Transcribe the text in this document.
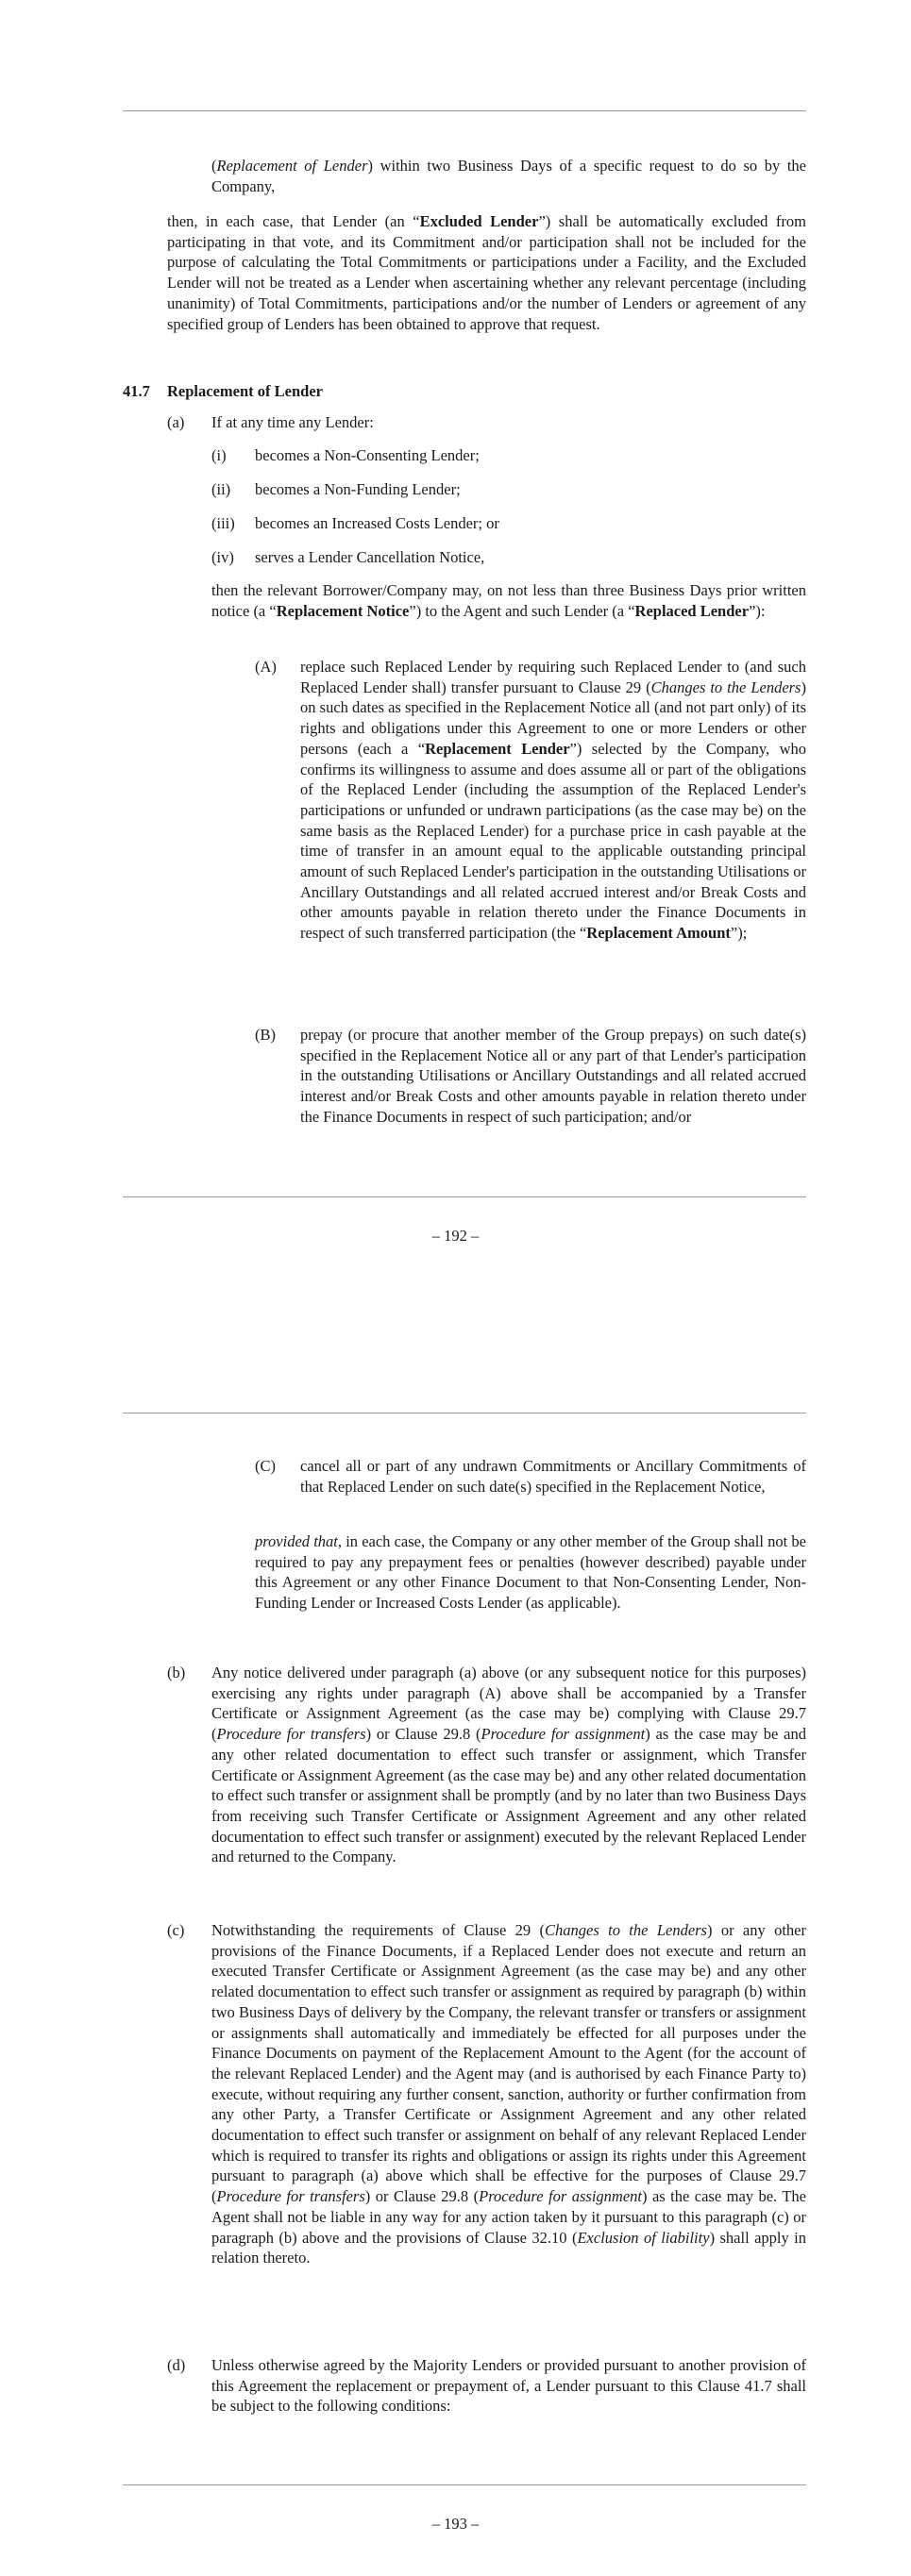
(Replacement of Lender) within two Business Days of a specific request to do so by the Company,

then, in each case, that Lender (an “Excluded Lender”) shall be automatically excluded from participating in that vote, and its Commitment and/or participation shall not be included for the purpose of calculating the Total Commitments or participations under a Facility, and the Excluded Lender will not be treated as a Lender when ascertaining whether any relevant percentage (including unanimity) of Total Commitments, participations and/or the number of Lenders or agreement of any specified group of Lenders has been obtained to approve that request.

41.7 Replacement of Lender
(a) If at any time any Lender:
(i) becomes a Non-Consenting Lender;
(ii) becomes a Non-Funding Lender;
(iii) becomes an Increased Costs Lender; or
(iv) serves a Lender Cancellation Notice,

then the relevant Borrower/Company may, on not less than three Business Days prior written notice (a “Replacement Notice”) to the Agent and such Lender (a “Replaced Lender”):

(A) replace such Replaced Lender by requiring such Replaced Lender to (and such Replaced Lender shall) transfer pursuant to Clause 29 (Changes to the Lenders) on such dates as specified in the Replacement Notice all (and not part only) of its rights and obligations under this Agreement to one or more Lenders or other persons (each a “Replacement Lender”) selected by the Company, who confirms its willingness to assume and does assume all or part of the obligations of the Replaced Lender (including the assumption of the Replaced Lender's participations or unfunded or undrawn participations (as the case may be) on the same basis as the Replaced Lender) for a purchase price in cash payable at the time of transfer in an amount equal to the applicable outstanding principal amount of such Replaced Lender's participation in the outstanding Utilisations or Ancillary Outstandings and all related accrued interest and/or Break Costs and other amounts payable in relation thereto under the Finance Documents in respect of such transferred participation (the “Replacement Amount”);

(B) prepay (or procure that another member of the Group prepays) on such date(s) specified in the Replacement Notice all or any part of that Lender's participation in the outstanding Utilisations or Ancillary Outstandings and all related accrued interest and/or Break Costs and other amounts payable in relation thereto under the Finance Documents in respect of such participation; and/or

– 192 –
(C) cancel all or part of any undrawn Commitments or Ancillary Commitments of that Replaced Lender on such date(s) specified in the Replacement Notice,

provided that, in each case, the Company or any other member of the Group shall not be required to pay any prepayment fees or penalties (however described) payable under this Agreement or any other Finance Document to that Non-Consenting Lender, Non-Funding Lender or Increased Costs Lender (as applicable).

(b) Any notice delivered under paragraph (a) above (or any subsequent notice for this purposes) exercising any rights under paragraph (A) above shall be accompanied by a Transfer Certificate or Assignment Agreement (as the case may be) complying with Clause 29.7 (Procedure for transfers) or Clause 29.8 (Procedure for assignment) as the case may be and any other related documentation to effect such transfer or assignment, which Transfer Certificate or Assignment Agreement (as the case may be) and any other related documentation to effect such transfer or assignment shall be promptly (and by no later than two Business Days from receiving such Transfer Certificate or Assignment Agreement and any other related documentation to effect such transfer or assignment) executed by the relevant Replaced Lender and returned to the Company.

(c) Notwithstanding the requirements of Clause 29 (Changes to the Lenders) or any other provisions of the Finance Documents, if a Replaced Lender does not execute and return an executed Transfer Certificate or Assignment Agreement (as the case may be) and any other related documentation to effect such transfer or assignment as required by paragraph (b) within two Business Days of delivery by the Company, the relevant transfer or transfers or assignment or assignments shall automatically and immediately be effected for all purposes under the Finance Documents on payment of the Replacement Amount to the Agent (for the account of the relevant Replaced Lender) and the Agent may (and is authorised by each Finance Party to) execute, without requiring any further consent, sanction, authority or further confirmation from any other Party, a Transfer Certificate or Assignment Agreement and any other related documentation to effect such transfer or assignment on behalf of any relevant Replaced Lender which is required to transfer its rights and obligations or assign its rights under this Agreement pursuant to paragraph (a) above which shall be effective for the purposes of Clause 29.7 (Procedure for transfers) or Clause 29.8 (Procedure for assignment) as the case may be. The Agent shall not be liable in any way for any action taken by it pursuant to this paragraph (c) or paragraph (b) above and the provisions of Clause 32.10 (Exclusion of liability) shall apply in relation thereto.

(d) Unless otherwise agreed by the Majority Lenders or provided pursuant to another provision of this Agreement the replacement or prepayment of, a Lender pursuant to this Clause 41.7 shall be subject to the following conditions:

– 193 –
